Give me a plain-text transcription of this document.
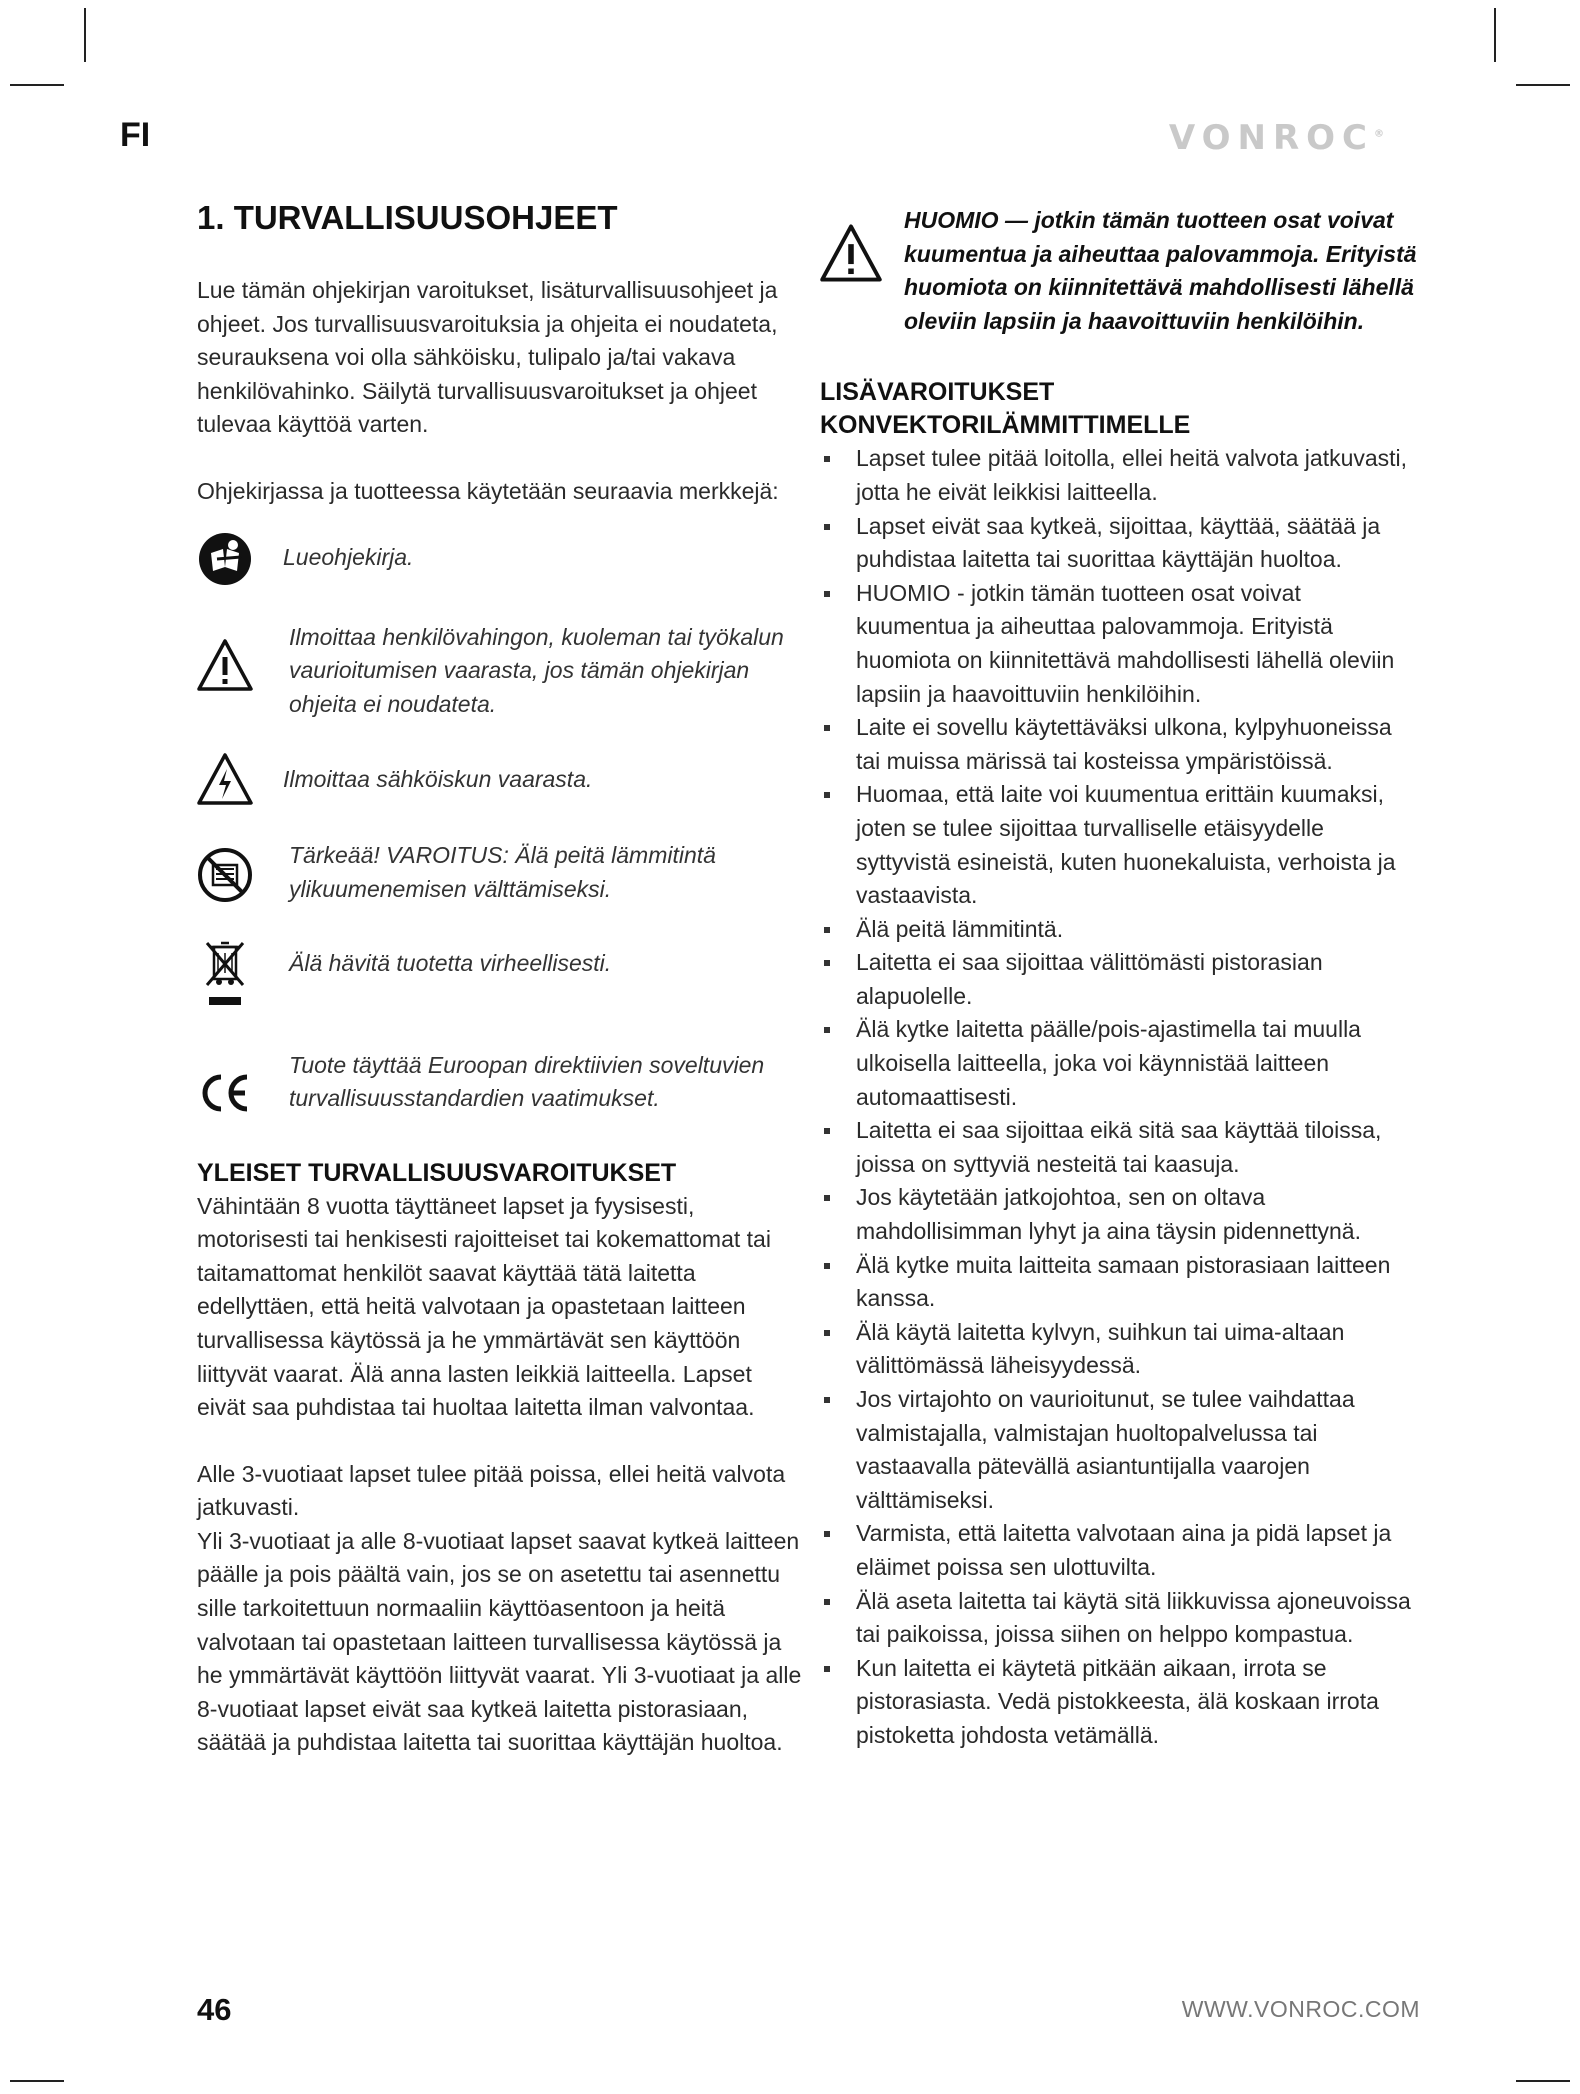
FI	VONROC®
1. TURVALLISUUSOHJEET

Lue tämän ohjekirjan varoitukset, lisäturvallisuusohjeet ja ohjeet. Jos turvallisuusvaroituksia ja ohjeita ei noudateta, seurauksena voi olla sähköisku, tulipalo ja/tai vakava henkilövahinko. Säilytä turvallisuusvaroitukset ja ohjeet tulevaa käyttöä varten.

Ohjekirjassa ja tuotteessa käytetään seuraavia merkkejä:

Lueohjekirja.
Ilmoittaa henkilövahingon, kuoleman tai työkalun vaurioitumisen vaarasta, jos tämän ohjekirjan ohjeita ei noudateta.
Ilmoittaa sähköiskun vaarasta.
Tärkeää! VAROITUS: Älä peitä lämmitintä ylikuumenemisen välttämiseksi.
Älä hävitä tuotetta virheellisesti.
Tuote täyttää Euroopan direktiivien soveltuvien turvallisuusstandardien vaatimukset.
YLEISET TURVALLISUUSVAROITUKSET

Vähintään 8 vuotta täyttäneet lapset ja fyysisesti, motorisesti tai henkisesti rajoitteiset tai kokemattomat tai taitamattomat henkilöt saavat käyttää tätä laitetta edellyttäen, että heitä valvotaan ja opastetaan laitteen turvallisessa käytössä ja he ymmärtävät sen käyttöön liittyvät vaarat. Älä anna lasten leikkiä laitteella. Lapset eivät saa puhdistaa tai huoltaa laitetta ilman valvontaa.

Alle 3-vuotiaat lapset tulee pitää poissa, ellei heitä valvota jatkuvasti.

Yli 3-vuotiaat ja alle 8-vuotiaat lapset saavat kytkeä laitteen päälle ja pois päältä vain, jos se on asetettu tai asennettu sille tarkoitettuun normaaliin käyttöasentoon ja heitä valvotaan tai opastetaan laitteen turvallisessa käytössä ja he ymmärtävät käyttöön liittyvät vaarat. Yli 3-vuotiaat ja alle 8-vuotiaat lapset eivät saa kytkeä laitetta pistorasiaan, säätää ja puhdistaa laitetta tai suorittaa käyttäjän huoltoa.

HUOMIO — jotkin tämän tuotteen osat voivat kuumentua ja aiheuttaa palovammoja. Erityistä huomiota on kiinnitettävä mahdollisesti lähellä oleviin lapsiin ja haavoittuviin henkilöihin.
LISÄVAROITUKSET
KONVEKTORILÄMMITTIMELLE
Lapset tulee pitää loitolla, ellei heitä valvota jatkuvasti, jotta he eivät leikkisi laitteella.
Lapset eivät saa kytkeä, sijoittaa, käyttää, säätää ja puhdistaa laitetta tai suorittaa käyttäjän huoltoa.
HUOMIO - jotkin tämän tuotteen osat voivat kuumentua ja aiheuttaa palovammoja. Erityistä huomiota on kiinnitettävä mahdollisesti lähellä oleviin lapsiin ja haavoittuviin henkilöihin.
Laite ei sovellu käytettäväksi ulkona, kylpyhuoneissa tai muissa märissä tai kosteissa ympäristöissä.
Huomaa, että laite voi kuumentua erittäin kuumaksi, joten se tulee sijoittaa turvalliselle etäisyydelle syttyvistä esineistä, kuten huonekaluista, verhoista ja vastaavista.
Älä peitä lämmitintä.
Laitetta ei saa sijoittaa välittömästi pistorasian alapuolelle.
Älä kytke laitetta päälle/pois-ajastimella tai muulla ulkoisella laitteella, joka voi käynnistää laitteen automaattisesti.
Laitetta ei saa sijoittaa eikä sitä saa käyttää tiloissa, joissa on syttyviä nesteitä tai kaasuja.
Jos käytetään jatkojohtoa, sen on oltava mahdollisimman lyhyt ja aina täysin pidennettynä.
Älä kytke muita laitteita samaan pistorasiaan laitteen kanssa.
Älä käytä laitetta kylvyn, suihkun tai uima-altaan välittömässä läheisyydessä.
Jos virtajohto on vaurioitunut, se tulee vaihdattaa valmistajalla, valmistajan huoltopalvelussa tai vastaavalla pätevällä asiantuntijalla vaarojen välttämiseksi.
Varmista, että laitetta valvotaan aina ja pidä lapset ja eläimet poissa sen ulottuvilta.
Älä aseta laitetta tai käytä sitä liikkuvissa ajoneuvoissa tai paikoissa, joissa siihen on helppo kompastua.
Kun laitetta ei käytetä pitkään aikaan, irrota se pistorasiasta. Vedä pistokkeesta, älä koskaan irrota pistoketta johdosta vetämällä.
46	WWW.VONROC.COM
